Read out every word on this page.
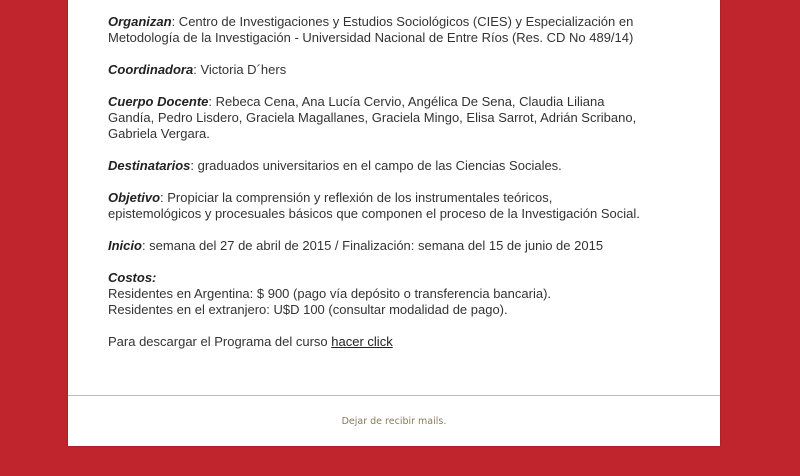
Organizan: Centro de Investigaciones y Estudios Sociológicos (CIES) y Especialización en
Metodología de la Investigación - Universidad Nacional de Entre Ríos (Res. CD No 489/14)

Coordinadora: Victoria D´hers

Cuerpo Docente: Rebeca Cena, Ana Lucía Cervio, Angélica De Sena, Claudia Liliana
Gandía, Pedro Lisdero, Graciela Magallanes, Graciela Mingo, Elisa Sarrot, Adrián Scribano,
Gabriela Vergara.

Destinatarios: graduados universitarios en el campo de las Ciencias Sociales.

Objetivo: Propiciar la comprensión y reflexión de los instrumentales teóricos,
epistemológicos y procesuales básicos que componen el proceso de la Investigación Social.

Inicio: semana del 27 de abril de 2015 / Finalización: semana del 15 de junio de 2015

Costos:
Residentes en Argentina: $ 900 (pago vía depósito o transferencia bancaria).
Residentes en el extranjero: U$D 100 (consultar modalidad de pago).

Para descargar el Programa del curso hacer click

Dejar de recibir mails.
